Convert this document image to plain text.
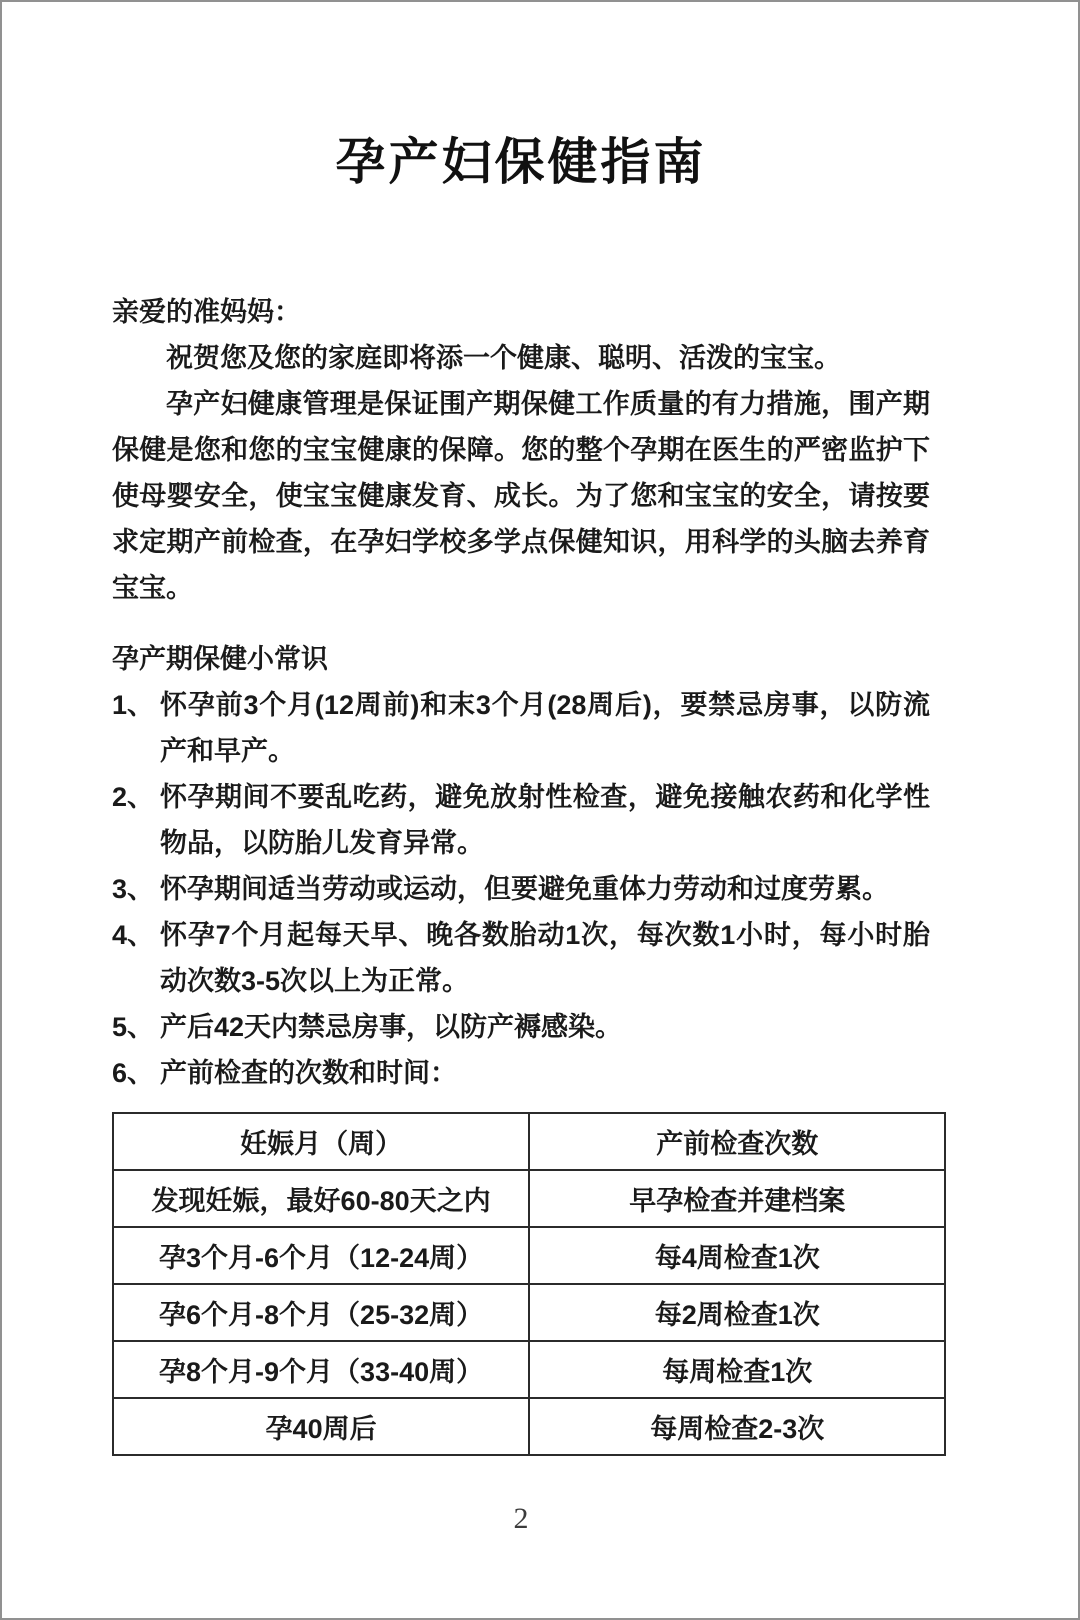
孕产妇保健指南

亲爱的准妈妈：

祝贺您及您的家庭即将添一个健康、聪明、活泼的宝宝。

孕产妇健康管理是保证围产期保健工作质量的有力措施，围产期保健是您和您的宝宝健康的保障。您的整个孕期在医生的严密监护下使母婴安全，使宝宝健康发育、成长。为了您和宝宝的安全，请按要求定期产前检查，在孕妇学校多学点保健知识，用科学的头脑去养育宝宝。

孕产期保健小常识
1、 怀孕前3个月(12周前)和末3个月(28周后)，要禁忌房事，以防流产和早产。
2、 怀孕期间不要乱吃药，避免放射性检查，避免接触农药和化学性物品，以防胎儿发育异常。
3、 怀孕期间适当劳动或运动，但要避免重体力劳动和过度劳累。
4、 怀孕7个月起每天早、晚各数胎动1次，每次数1小时，每小时胎动次数3-5次以上为正常。
5、 产后42天内禁忌房事，以防产褥感染。
6、 产前检查的次数和时间：
妊娠月（周）	产前检查次数
发现妊娠，最好60-80天之内	早孕检查并建档案
孕3个月-6个月（12-24周）	每4周检查1次
孕6个月-8个月（25-32周）	每2周检查1次
孕8个月-9个月（33-40周）	每周检查1次
孕40周后	每周检查2-3次
2
